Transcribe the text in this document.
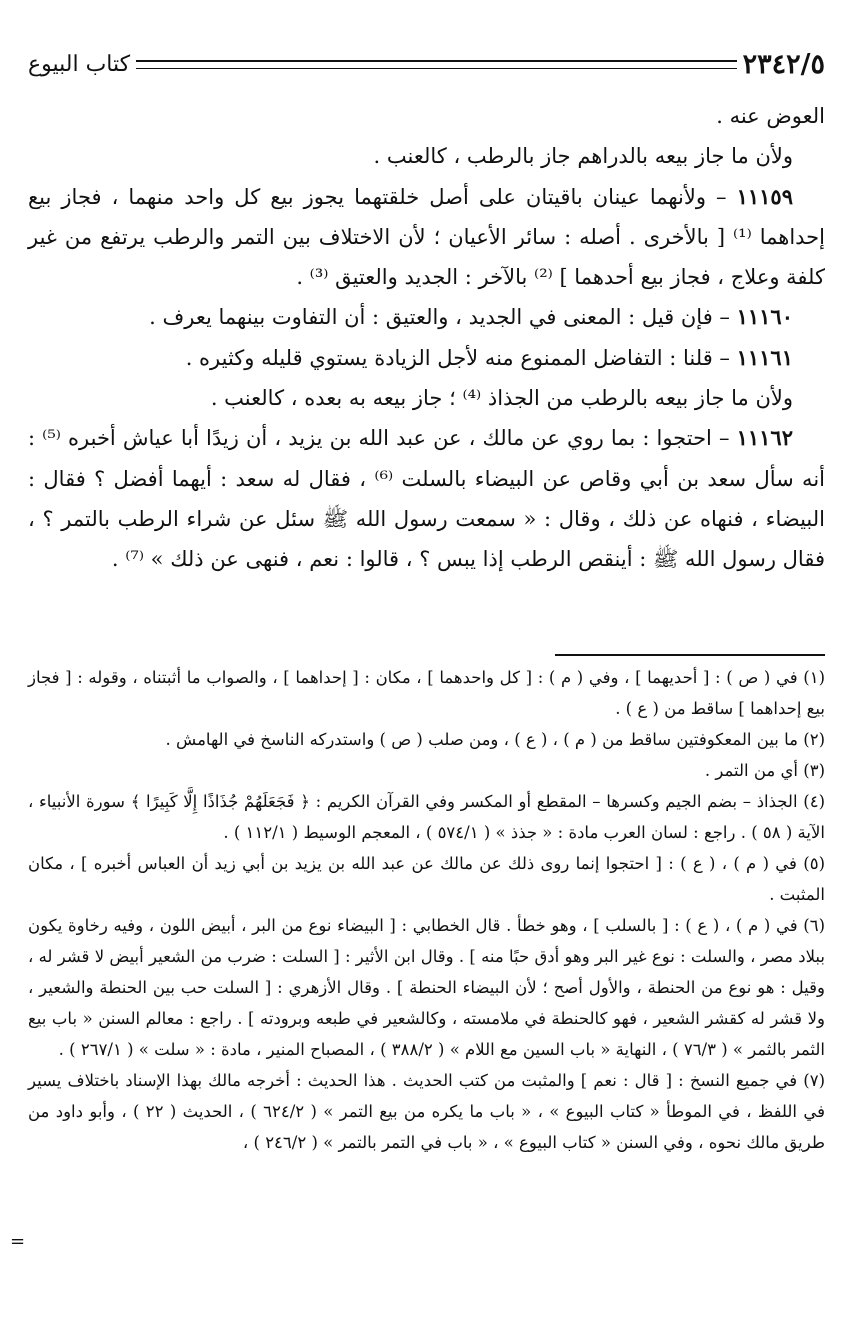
٢٣٤٢/٥
كتاب البيوع

العوض عنه .

ولأن ما جاز بيعه بالدراهم جاز بالرطب ، كالعنب .

١١١٥٩ – ولأنهما عينان باقيتان على أصل خلقتهما يجوز بيع كل واحد منهما ، فجاز بيع إحداهما ⁽¹⁾ [ بالأخرى . أصله : سائر الأعيان ؛ لأن الاختلاف بين التمر والرطب يرتفع من غير كلفة وعلاج ، فجاز بيع أحدهما ] ⁽²⁾ بالآخر : الجديد والعتيق ⁽³⁾ .

١١١٦٠ – فإن قيل : المعنى في الجديد ، والعتيق : أن التفاوت بينهما يعرف .

١١١٦١ – قلنا : التفاضل الممنوع منه لأجل الزيادة يستوي قليله وكثيره .

ولأن ما جاز بيعه بالرطب من الجذاذ ⁽⁴⁾ ؛ جاز بيعه به بعده ، كالعنب .

١١١٦٢ – احتجوا : بما روي عن مالك ، عن عبد الله بن يزيد ، أن زيدًا أبا عياش أخبره ⁽⁵⁾ : أنه سأل سعد بن أبي وقاص عن البيضاء بالسلت ⁽⁶⁾ ، فقال له سعد : أيهما أفضل ؟ فقال : البيضاء ، فنهاه عن ذلك ، وقال : « سمعت رسول الله ﷺ سئل عن شراء الرطب بالتمر ؟ ، فقال رسول الله ﷺ : أينقص الرطب إذا يبس ؟ ، قالوا : نعم ، فنهى عن ذلك » ⁽⁷⁾ .

(١) في ( ص ) : [ أحديهما ] ، وفي ( م ) : [ كل واحدهما ] ، مكان : [ إحداهما ] ، والصواب ما أثبتناه ، وقوله : [ فجاز بيع إحداهما ] ساقط من ( ع ) .

(٢) ما بين المعكوفتين ساقط من ( م ) ، ( ع ) ، ومن صلب ( ص ) واستدركه الناسخ في الهامش .

(٣) أي من التمر .

(٤) الجذاذ – بضم الجيم وكسرها – المقطع أو المكسر وفي القرآن الكريم : ﴿ فَجَعَلَهُمْ جُذَاذًا إِلَّا كَبِيرًا ﴾ سورة الأنبياء ، الآية ( ٥٨ ) . راجع : لسان العرب مادة : « جذذ » ( ٥٧٤/١ ) ، المعجم الوسيط ( ١١٢/١ ) .

(٥) في ( م ) ، ( ع ) : [ احتجوا إنما روى ذلك عن مالك عن عبد الله بن يزيد بن أبي زيد أن العباس أخبره ] ، مكان المثبت .

(٦) في ( م ) ، ( ع ) : [ بالسلب ] ، وهو خطأ . قال الخطابي : [ البيضاء نوع من البر ، أبيض اللون ، وفيه رخاوة يكون ببلاد مصر ، والسلت : نوع غير البر وهو أدق حبًا منه ] . وقال ابن الأثير : [ السلت : ضرب من الشعير أبيض لا قشر له ، وقيل : هو نوع من الحنطة ، والأول أصح ؛ لأن البيضاء الحنطة ] . وقال الأزهري : [ السلت حب بين الحنطة والشعير ، ولا قشر له كقشر الشعير ، فهو كالحنطة في ملامسته ، وكالشعير في طبعه وبرودته ] . راجع : معالم السنن « باب بيع الثمر بالثمر » ( ٧٦/٣ ) ، النهاية « باب السين مع اللام » ( ٣٨٨/٢ ) ، المصباح المنير ، مادة : « سلت » ( ٢٦٧/١ ) .

(٧) في جميع النسخ : [ قال : نعم ] والمثبت من كتب الحديث . هذا الحديث : أخرجه مالك بهذا الإسناد باختلاف يسير في اللفظ ، في الموطأ « كتاب البيوع » ، « باب ما يكره من بيع التمر » ( ٦٢٤/٢ ) ، الحديث ( ٢٢ ) ، وأبو داود من طريق مالك نحوه ، وفي السنن « كتاب البيوع » ، « باب في التمر بالتمر » ( ٢٤٦/٢ ) ،

=
